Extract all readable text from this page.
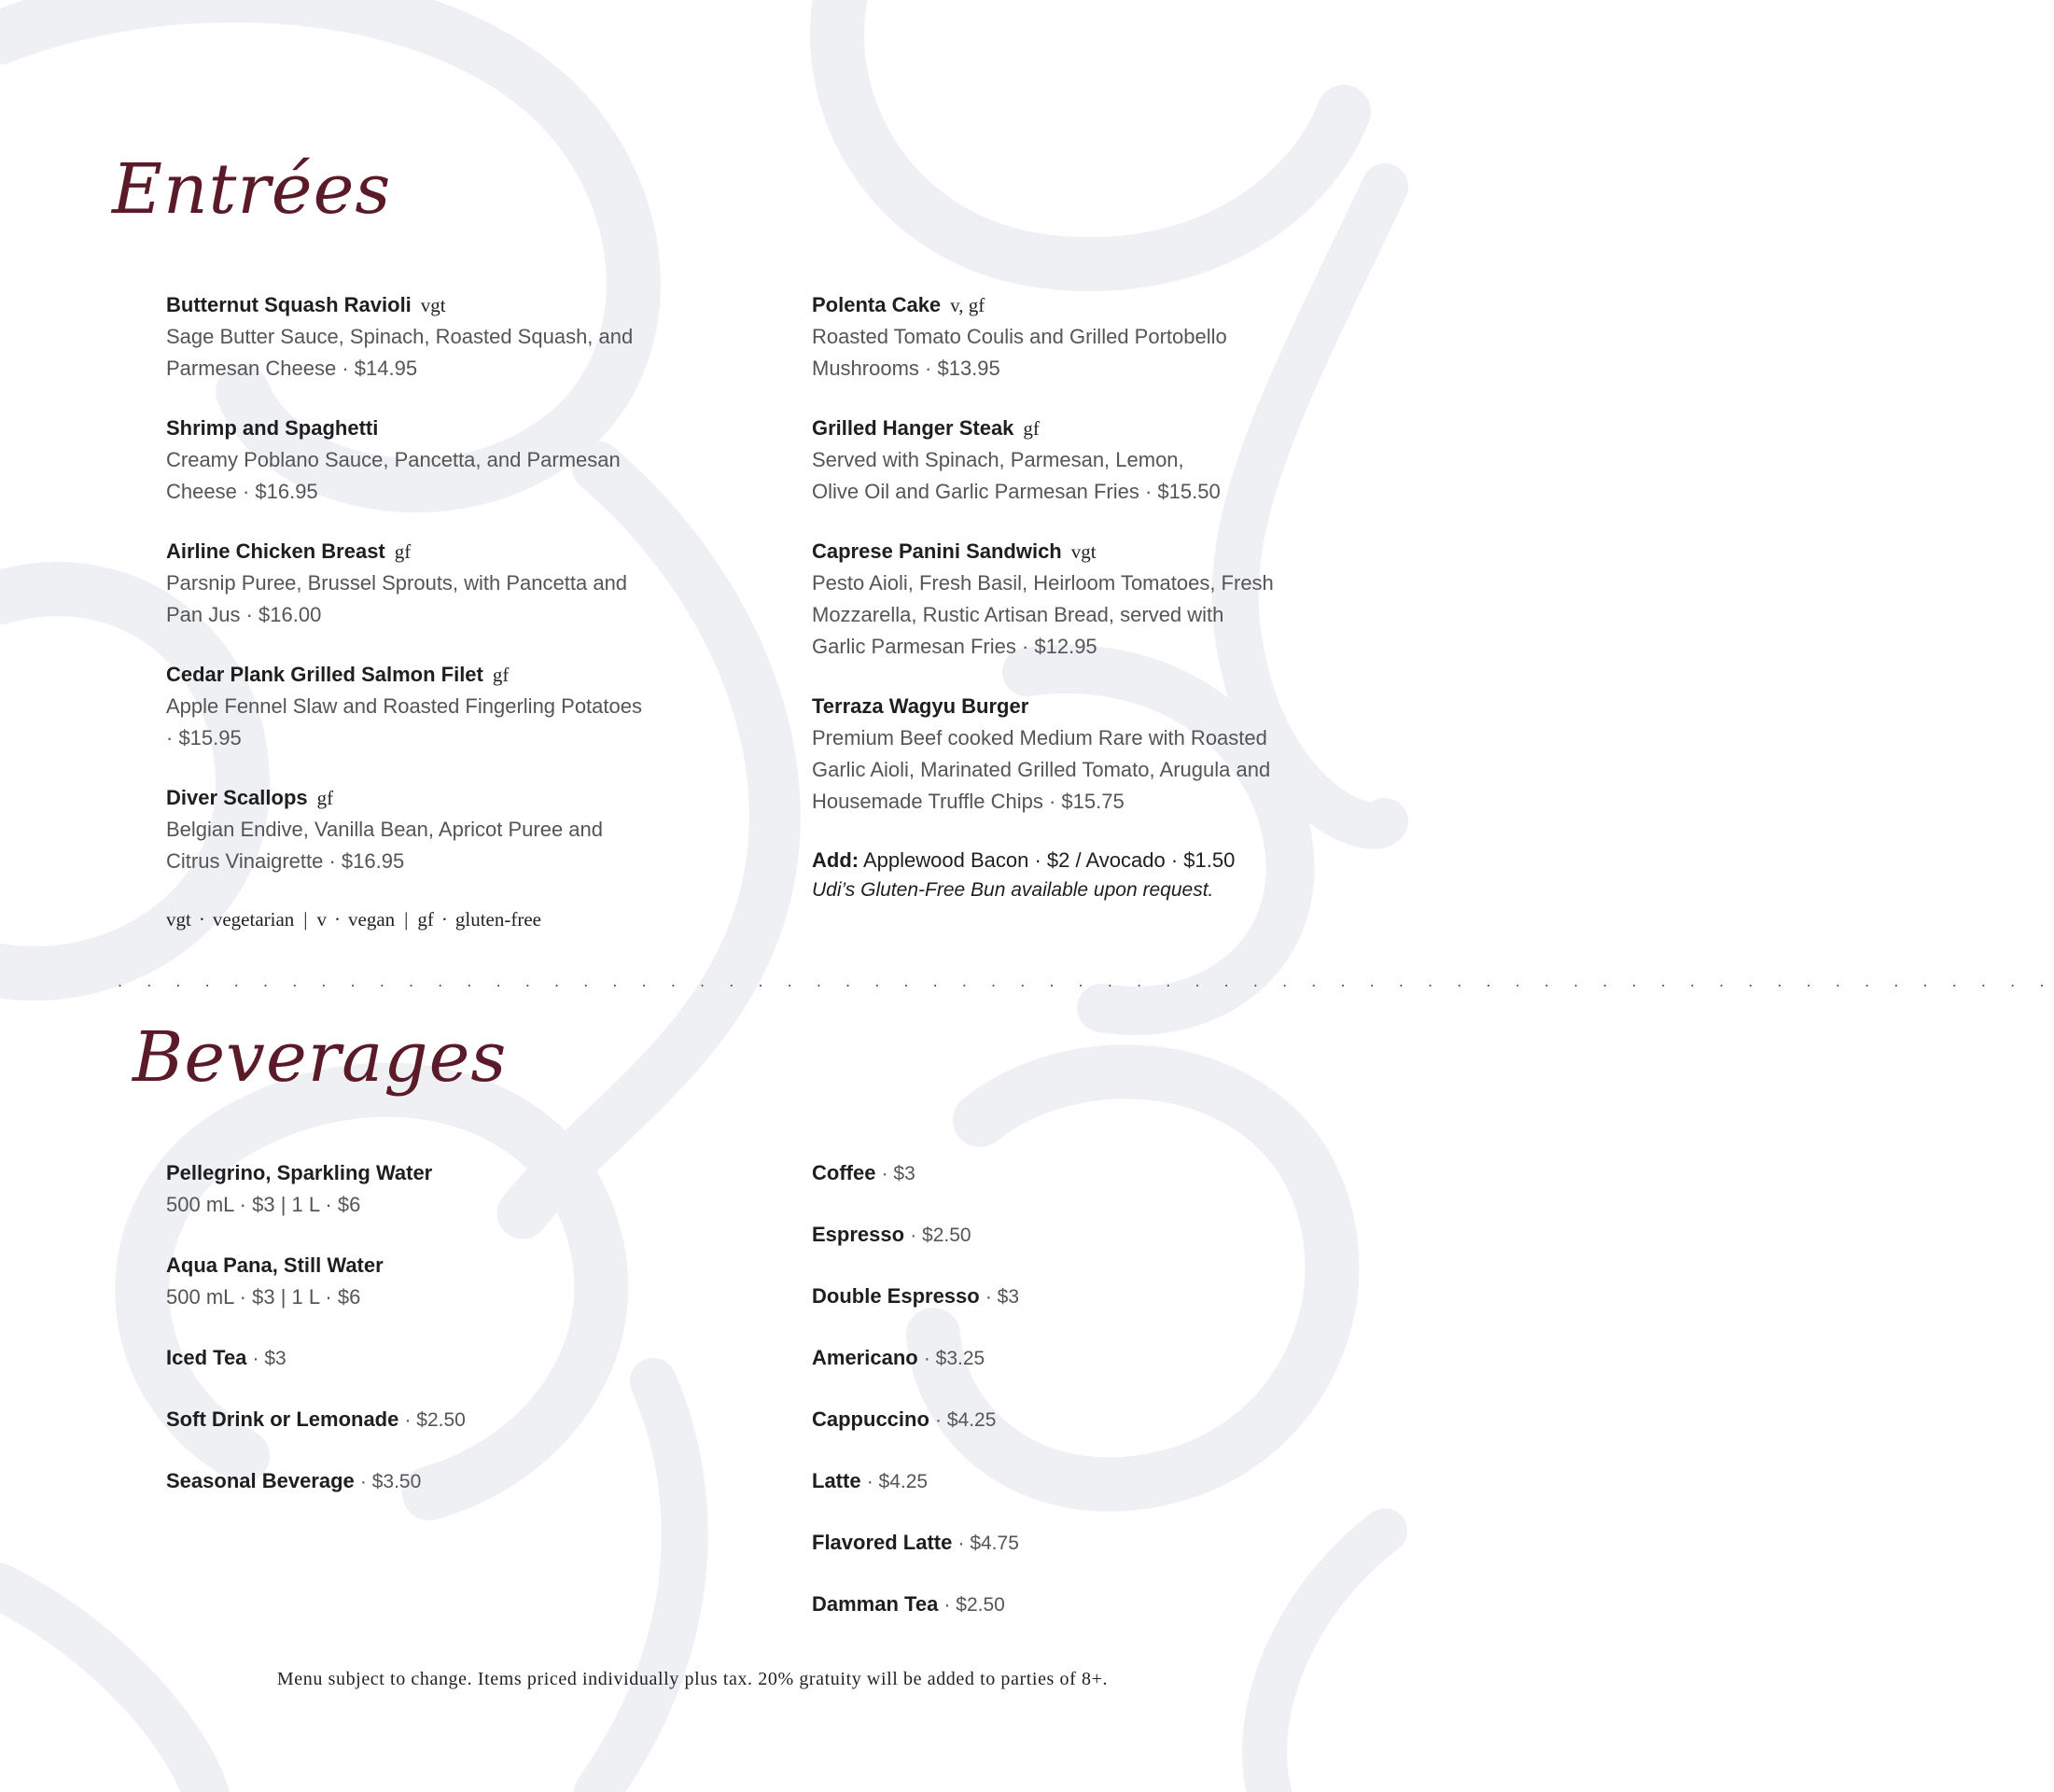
Entrées
Butternut Squash Ravioli vgt
Sage Butter Sauce, Spinach, Roasted Squash, and
Parmesan Cheese · $14.95
Shrimp and Spaghetti
Creamy Poblano Sauce, Pancetta, and Parmesan
Cheese · $16.95
Airline Chicken Breast gf
Parsnip Puree, Brussel Sprouts, with Pancetta and
Pan Jus · $16.00
Cedar Plank Grilled Salmon Filet gf
Apple Fennel Slaw and Roasted Fingerling Potatoes
· $15.95
Diver Scallops gf
Belgian Endive, Vanilla Bean, Apricot Puree and
Citrus Vinaigrette · $16.95
vgt · vegetarian | v · vegan | gf · gluten-free
Polenta Cake v, gf
Roasted Tomato Coulis and Grilled Portobello
Mushrooms · $13.95
Grilled Hanger Steak gf
Served with Spinach, Parmesan, Lemon,
Olive Oil and Garlic Parmesan Fries · $15.50
Caprese Panini Sandwich vgt
Pesto Aioli, Fresh Basil, Heirloom Tomatoes, Fresh
Mozzarella, Rustic Artisan Bread, served with
Garlic Parmesan Fries · $12.95
Terraza Wagyu Burger
Premium Beef cooked Medium Rare with Roasted
Garlic Aioli, Marinated Grilled Tomato, Arugula and
Housemade Truffle Chips · $15.75
Add: Applewood Bacon · $2 / Avocado · $1.50
Udi’s Gluten-Free Bun available upon request.
. . . . . . . . . . . . . . . . . . . . . . . . . . . . . . . . . . . . . . . . . . . . . . . . . . . . . . . . . . . . . . . . . . .
Beverages
Pellegrino, Sparkling Water
500 mL · $3 | 1 L · $6
Aqua Pana, Still Water
500 mL · $3 | 1 L · $6
Iced Tea · $3
Soft Drink or Lemonade · $2.50
Seasonal Beverage · $3.50
Coffee · $3
Espresso · $2.50
Double Espresso · $3
Americano · $3.25
Cappuccino · $4.25
Latte · $4.25
Flavored Latte · $4.75
Damman Tea · $2.50
Menu subject to change. Items priced individually plus tax. 20% gratuity will be added to parties of 8+.
